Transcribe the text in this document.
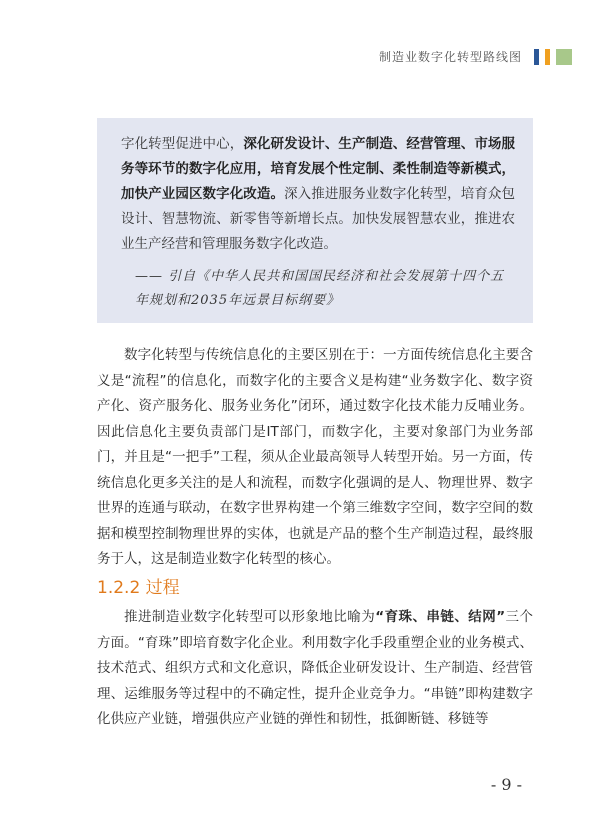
制造业数字化转型路线图

字化转型促进中心，深化研发设计、生产制造、经营管理、市场服务等环节的数字化应用，培育发展个性定制、柔性制造等新模式，加快产业园区数字化改造。深入推进服务业数字化转型，培育众包设计、智慧物流、新零售等新增长点。加快发展智慧农业，推进农业生产经营和管理服务数字化改造。

—— 引自《中华人民共和国国民经济和社会发展第十四个五年规划和2035年远景目标纲要》

数字化转型与传统信息化的主要区别在于：一方面传统信息化主要含义是“流程”的信息化，而数字化的主要含义是构建“业务数字化、数字资产化、资产服务化、服务业务化”闭环，通过数字化技术能力反哺业务。因此信息化主要负责部门是IT部门，而数字化，主要对象部门为业务部门，并且是“一把手”工程，须从企业最高领导人转型开始。另一方面，传统信息化更多关注的是人和流程，而数字化强调的是人、物理世界、数字世界的连通与联动，在数字世界构建一个第三维数字空间，数字空间的数据和模型控制物理世界的实体，也就是产品的整个生产制造过程，最终服务于人，这是制造业数字化转型的核心。

1.2.2 过程

推进制造业数字化转型可以形象地比喻为“育珠、串链、结网”三个方面。“育珠”即培育数字化企业。利用数字化手段重塑企业的业务模式、技术范式、组织方式和文化意识，降低企业研发设计、生产制造、经营管理、运维服务等过程中的不确定性，提升企业竞争力。“串链”即构建数字化供应产业链，增强供应产业链的弹性和韧性，抵御断链、移链等

- 9 -
